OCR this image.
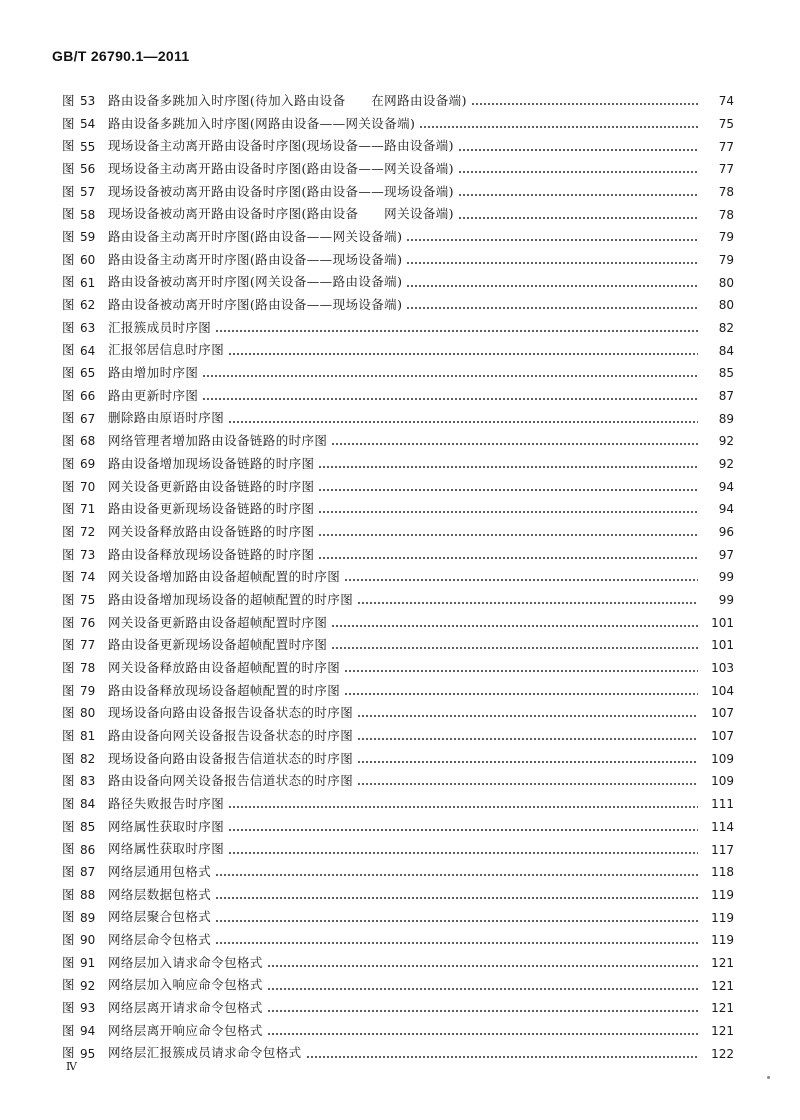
GB/T 26790.1—2011
图 53	路由设备多跳加入时序图(待加入路由设备　　在网路由设备端)	74
图 54	路由设备多跳加入时序图(网路由设备——网关设备端)	75
图 55	现场设备主动离开路由设备时序图(现场设备——路由设备端)	77
图 56	现场设备主动离开路由设备时序图(路由设备——网关设备端)	77
图 57	现场设备被动离开路由设备时序图(路由设备——现场设备端)	78
图 58	现场设备被动离开路由设备时序图(路由设备　　网关设备端)	78
图 59	路由设备主动离开时序图(路由设备——网关设备端)	79
图 60	路由设备主动离开时序图(路由设备——现场设备端)	79
图 61	路由设备被动离开时序图(网关设备——路由设备端)	80
图 62	路由设备被动离开时序图(路由设备——现场设备端)	80
图 63	汇报簇成员时序图	82
图 64	汇报邻居信息时序图	84
图 65	路由增加时序图	85
图 66	路由更新时序图	87
图 67	删除路由原语时序图	89
图 68	网络管理者增加路由设备链路的时序图	92
图 69	路由设备增加现场设备链路的时序图	92
图 70	网关设备更新路由设备链路的时序图	94
图 71	路由设备更新现场设备链路的时序图	94
图 72	网关设备释放路由设备链路的时序图	96
图 73	路由设备释放现场设备链路的时序图	97
图 74	网关设备增加路由设备超帧配置的时序图	99
图 75	路由设备增加现场设备的超帧配置的时序图	99
图 76	网关设备更新路由设备超帧配置时序图	101
图 77	路由设备更新现场设备超帧配置时序图	101
图 78	网关设备释放路由设备超帧配置的时序图	103
图 79	路由设备释放现场设备超帧配置的时序图	104
图 80	现场设备向路由设备报告设备状态的时序图	107
图 81	路由设备向网关设备报告设备状态的时序图	107
图 82	现场设备向路由设备报告信道状态的时序图	109
图 83	路由设备向网关设备报告信道状态的时序图	109
图 84	路径失败报告时序图	111
图 85	网络属性获取时序图	114
图 86	网络属性获取时序图	117
图 87	网络层通用包格式	118
图 88	网络层数据包格式	119
图 89	网络层聚合包格式	119
图 90	网络层命令包格式	119
图 91	网络层加入请求命令包格式	121
图 92	网络层加入响应命令包格式	121
图 93	网络层离开请求命令包格式	121
图 94	网络层离开响应命令包格式	121
图 95	网络层汇报簇成员请求命令包格式	122
Ⅳ
